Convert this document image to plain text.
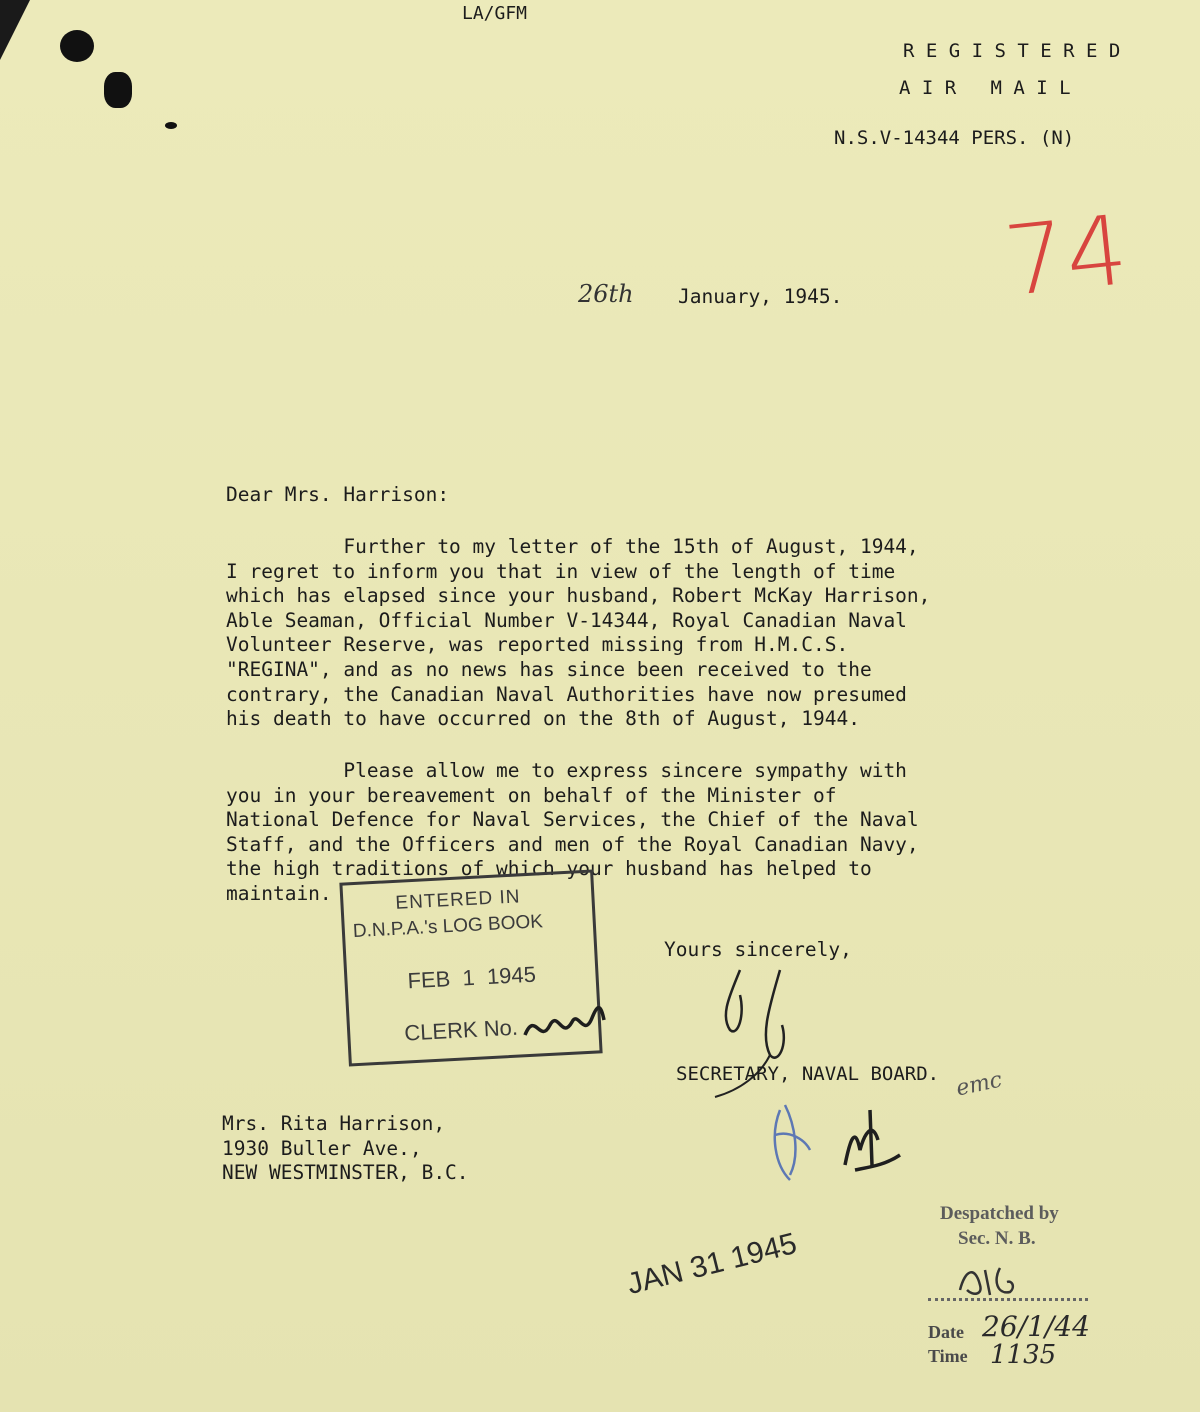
LA/GFM
R E G I S T E R E D
A I R   M A I L
N.S.V-14344 PERS. (N)
74
26th January, 1945.
Dear Mrs. Harrison:
Further to my letter of the 15th of August, 1944,
I regret to inform you that in view of the length of time
which has elapsed since your husband, Robert McKay Harrison,
Able Seaman, Official Number V-14344, Royal Canadian Naval
Volunteer Reserve, was reported missing from H.M.C.S.
"REGINA", and as no news has since been received to the
contrary, the Canadian Naval Authorities have now presumed
his death to have occurred on the 8th of August, 1944.
Please allow me to express sincere sympathy with
you in your bereavement on behalf of the Minister of
National Defence for Naval Services, the Chief of the Naval
Staff, and the Officers and men of the Royal Canadian Navy,
the high traditions of which your husband has helped to
maintain.	ENTERED IN
D.N.P.A.'s LOG BOOK
FEB  1  1945
CLERK No.
Yours sincerely,
SECRETARY, NAVAL BOARD.
Mrs. Rita Harrison,
1930 Buller Ave.,
NEW WESTMINSTER, B.C.
emc
JAN 31 1945
Despatched by
Sec. N. B.
Date 26/1/44
Time 1135
